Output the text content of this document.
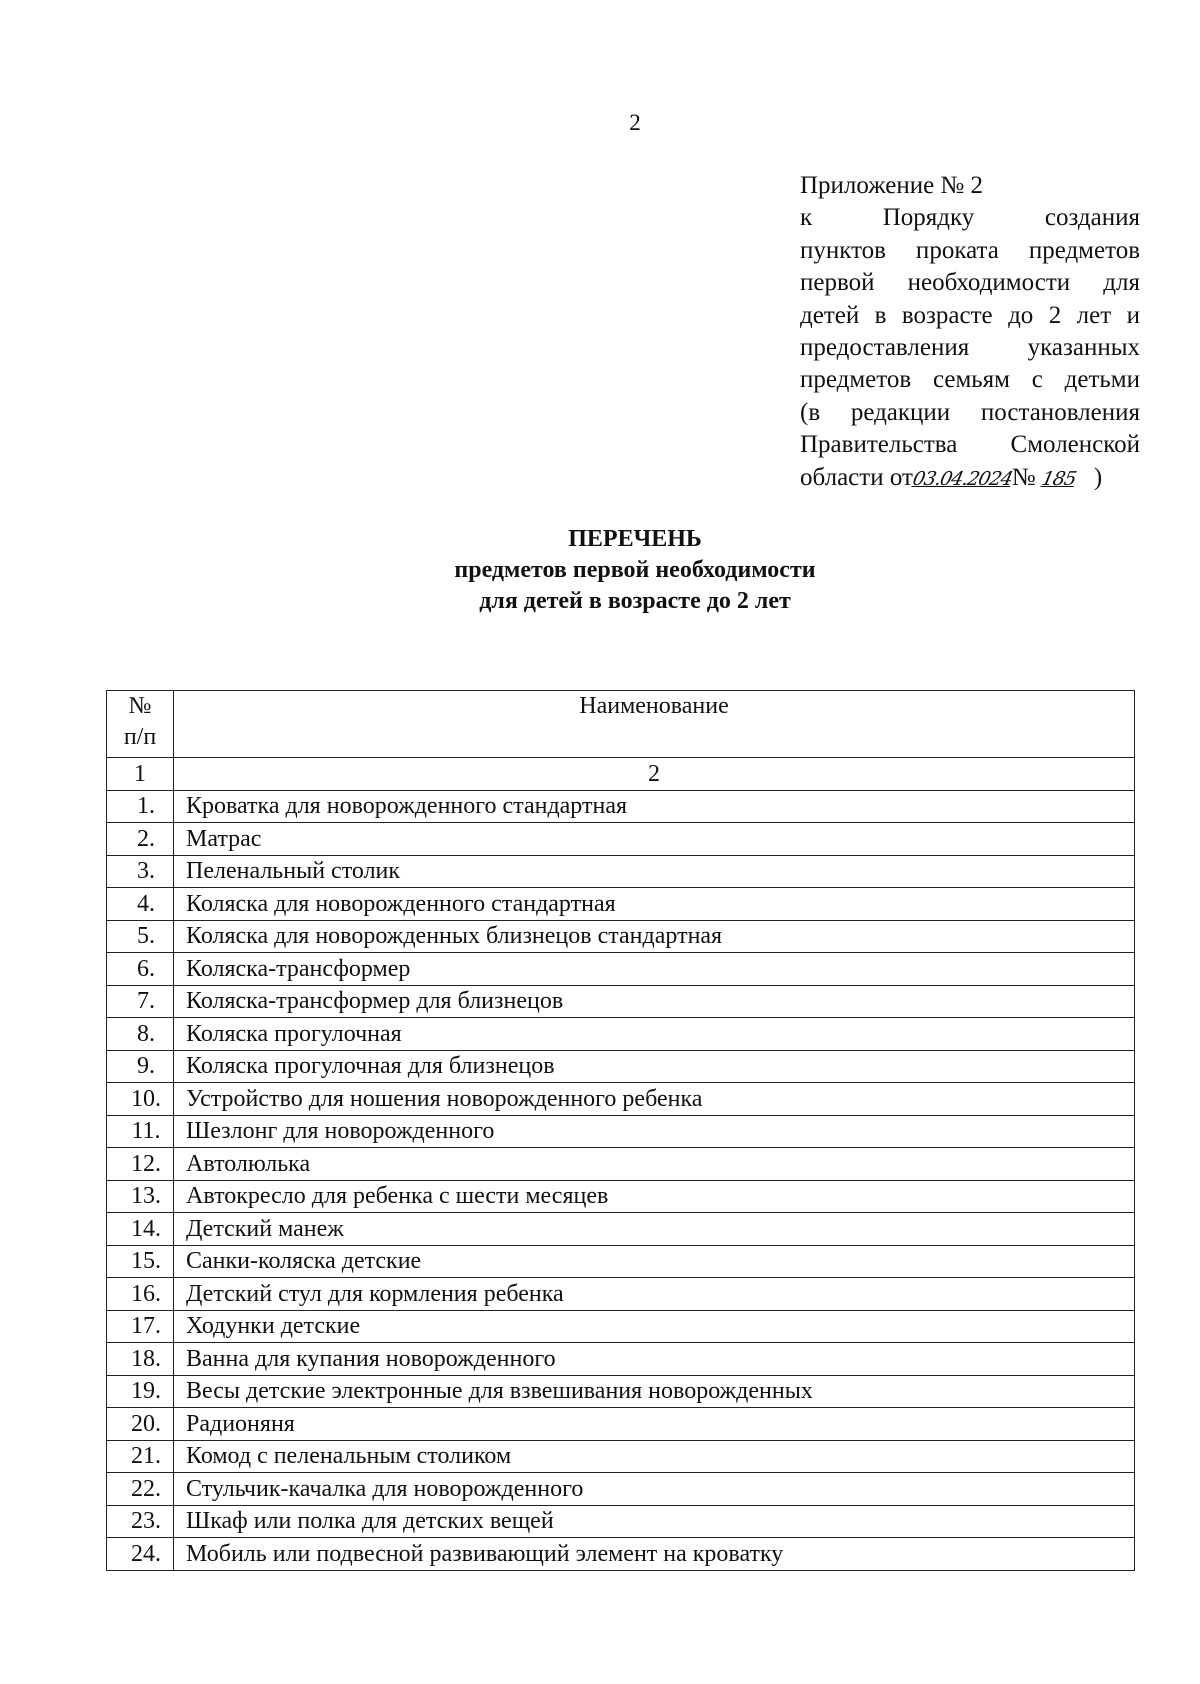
2
Приложение № 2
к Порядку создания
пунктов проката предметов
первой необходимости для
детей в возрасте до 2 лет и
предоставления указанных
предметов семьям с детьми
(в редакции постановления
Правительства Смоленской
области от03.04.2024№ 185 )
ПЕРЕЧЕНЬ
предметов первой необходимости
для детей в возрасте до 2 лет
№
п/п	Наименование
1	2
1.	Кроватка для новорожденного стандартная
2.	Матрас
3.	Пеленальный столик
4.	Коляска для новорожденного стандартная
5.	Коляска для новорожденных близнецов стандартная
6.	Коляска-трансформер
7.	Коляска-трансформер для близнецов
8.	Коляска прогулочная
9.	Коляска прогулочная для близнецов
10.	Устройство для ношения новорожденного ребенка
11.	Шезлонг для новорожденного
12.	Автолюлька
13.	Автокресло для ребенка с шести месяцев
14.	Детский манеж
15.	Санки-коляска детские
16.	Детский стул для кормления ребенка
17.	Ходунки детские
18.	Ванна для купания новорожденного
19.	Весы детские электронные для взвешивания новорожденных
20.	Радионяня
21.	Комод с пеленальным столиком
22.	Стульчик-качалка для новорожденного
23.	Шкаф или полка для детских вещей
24.	Мобиль или подвесной развивающий элемент на кроватку
